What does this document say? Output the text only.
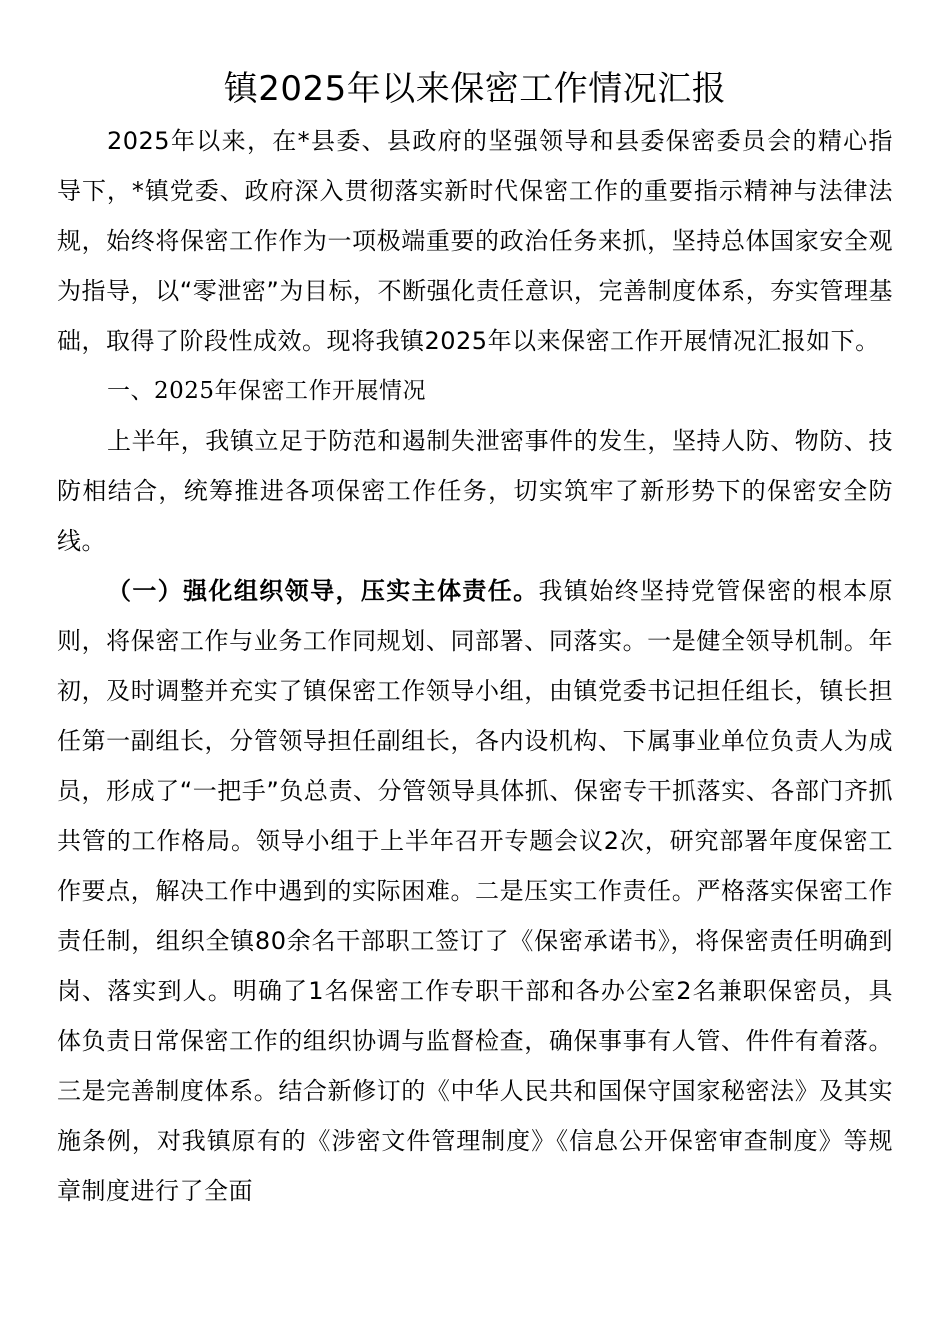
镇2025年以来保密工作情况汇报

2025年以来，在*县委、县政府的坚强领导和县委保密委员会的精心指导下，*镇党委、政府深入贯彻落实新时代保密工作的重要指示精神与法律法规，始终将保密工作作为一项极端重要的政治任务来抓，坚持总体国家安全观为指导，以“零泄密”为目标，不断强化责任意识，完善制度体系，夯实管理基础，取得了阶段性成效。现将我镇2025年以来保密工作开展情况汇报如下。

一、2025年保密工作开展情况

上半年，我镇立足于防范和遏制失泄密事件的发生，坚持人防、物防、技防相结合，统筹推进各项保密工作任务，切实筑牢了新形势下的保密安全防线。

（一）强化组织领导，压实主体责任。我镇始终坚持党管保密的根本原则，将保密工作与业务工作同规划、同部署、同落实。一是健全领导机制。年初，及时调整并充实了镇保密工作领导小组，由镇党委书记担任组长，镇长担任第一副组长，分管领导担任副组长，各内设机构、下属事业单位负责人为成员，形成了“一把手”负总责、分管领导具体抓、保密专干抓落实、各部门齐抓共管的工作格局。领导小组于上半年召开专题会议2次，研究部署年度保密工作要点，解决工作中遇到的实际困难。二是压实工作责任。严格落实保密工作责任制，组织全镇80余名干部职工签订了《保密承诺书》，将保密责任明确到岗、落实到人。明确了1名保密工作专职干部和各办公室2名兼职保密员，具体负责日常保密工作的组织协调与监督检查，确保事事有人管、件件有着落。三是完善制度体系。结合新修订的《中华人民共和国保守国家秘密法》及其实施条例，对我镇原有的《涉密文件管理制度》《信息公开保密审查制度》等规章制度进行了全面
